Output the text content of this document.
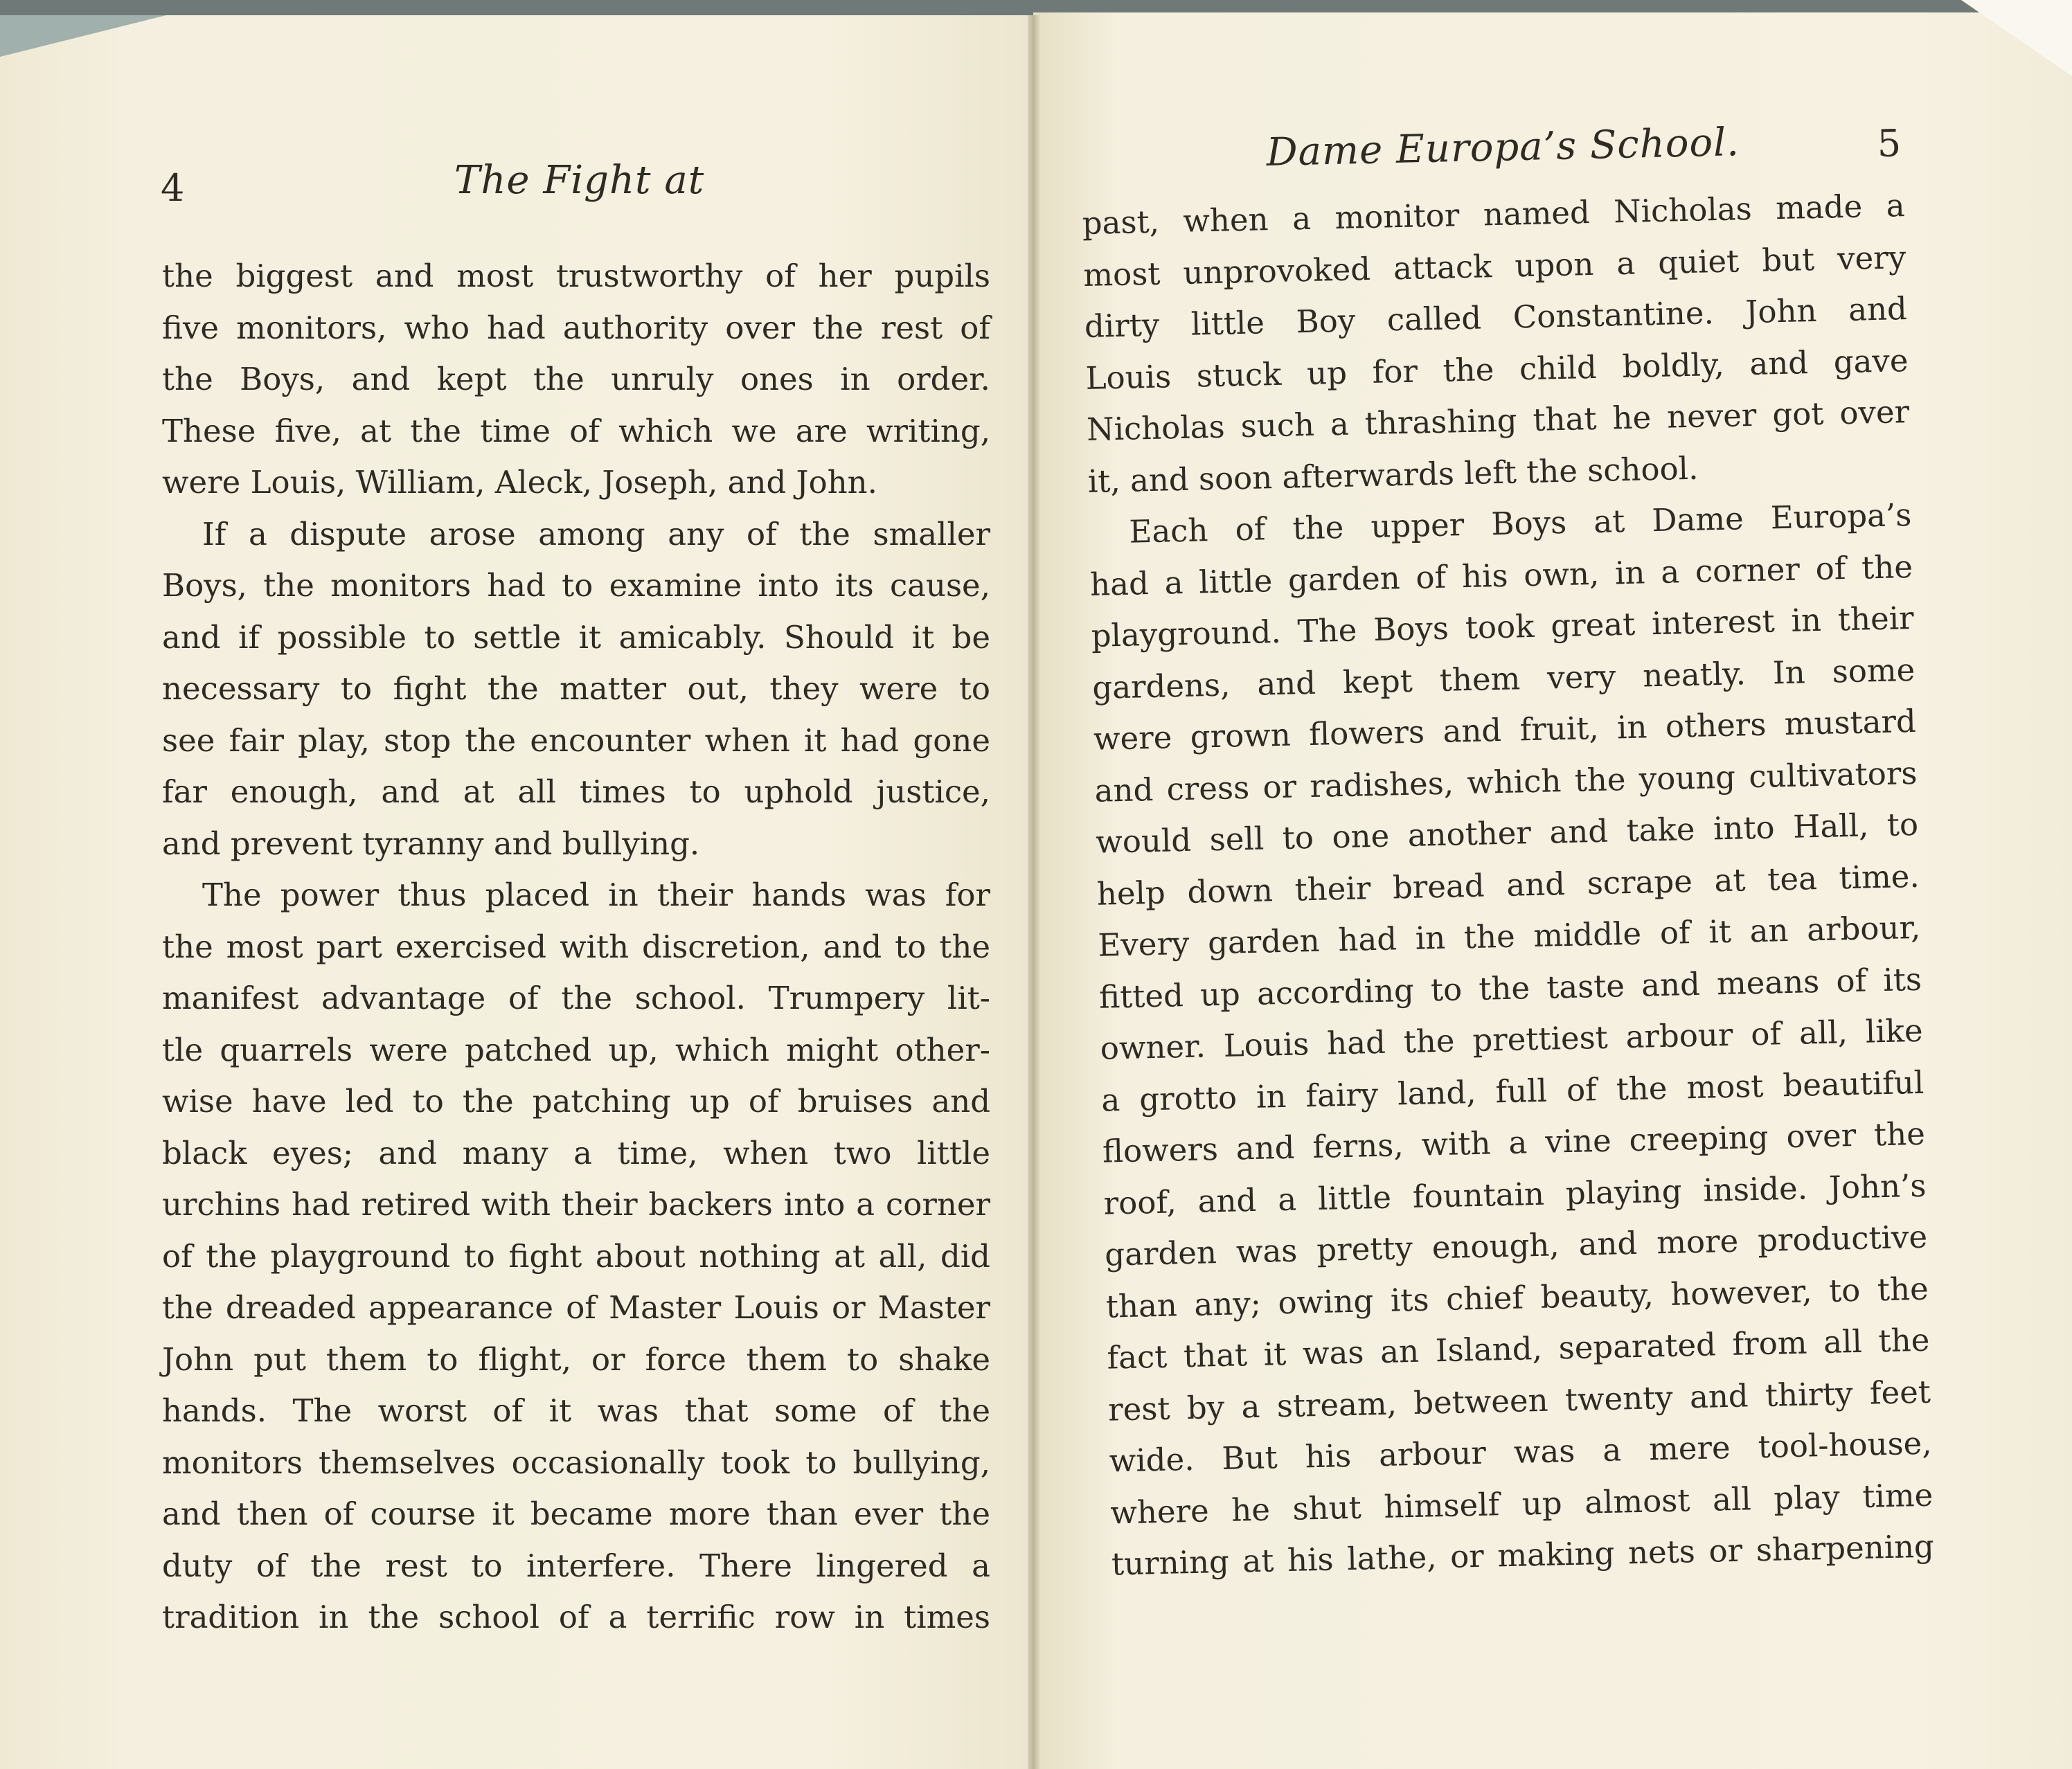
4	The Fight at
the biggest and most trustworthy of her pupils
five monitors, who had authority over the rest of
the Boys, and kept the unruly ones in order.
These five, at the time of which we are writing,
were Louis, William, Aleck, Joseph, and John.
If a dispute arose among any of the smaller
Boys, the monitors had to examine into its cause,
and if possible to settle it amicably. Should it be
necessary to fight the matter out, they were to
see fair play, stop the encounter when it had gone
far enough, and at all times to uphold justice,
and prevent tyranny and bullying.
The power thus placed in their hands was for
the most part exercised with discretion, and to the
manifest advantage of the school. Trumpery lit-
tle quarrels were patched up, which might other-
wise have led to the patching up of bruises and
black eyes; and many a time, when two little
urchins had retired with their backers into a corner
of the playground to fight about nothing at all, did
the dreaded appearance of Master Louis or Master
John put them to flight, or force them to shake
hands. The worst of it was that some of the
monitors themselves occasionally took to bullying,
and then of course it became more than ever the
duty of the rest to interfere. There lingered a
tradition in the school of a terrific row in times
Dame Europa’s School.	5
past, when a monitor named Nicholas made a
most unprovoked attack upon a quiet but very
dirty little Boy called Constantine. John and
Louis stuck up for the child boldly, and gave
Nicholas such a thrashing that he never got over
it, and soon afterwards left the school.
Each of the upper Boys at Dame Europa’s
had a little garden of his own, in a corner of the
playground. The Boys took great interest in their
gardens, and kept them very neatly. In some
were grown flowers and fruit, in others mustard
and cress or radishes, which the young cultivators
would sell to one another and take into Hall, to
help down their bread and scrape at tea time.
Every garden had in the middle of it an arbour,
fitted up according to the taste and means of its
owner. Louis had the prettiest arbour of all, like
a grotto in fairy land, full of the most beautiful
flowers and ferns, with a vine creeping over the
roof, and a little fountain playing inside. John’s
garden was pretty enough, and more productive
than any; owing its chief beauty, however, to the
fact that it was an Island, separated from all the
rest by a stream, between twenty and thirty feet
wide. But his arbour was a mere tool-house,
where he shut himself up almost all play time
turning at his lathe, or making nets or sharpening
